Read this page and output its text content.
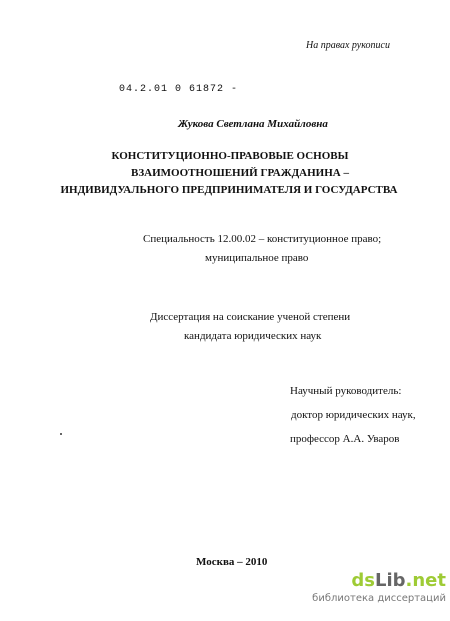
На правах рукописи
04.2.01 0 61872 -
Жукова Светлана Михайловна
КОНСТИТУЦИОННО-ПРАВОВЫЕ ОСНОВЫ
ВЗАИМООТНОШЕНИЙ ГРАЖДАНИНА –
ИНДИВИДУАЛЬНОГО ПРЕДПРИНИМАТЕЛЯ И ГОСУДАРСТВА
Специальность 12.00.02 – конституционное право;
муниципальное право
Диссертация на соискание ученой степени
кандидата юридических наук
Научный руководитель:
доктор юридических наук,
профессор А.А. Уваров
Москва – 2010
dsLib.net
библиотека диссертаций
